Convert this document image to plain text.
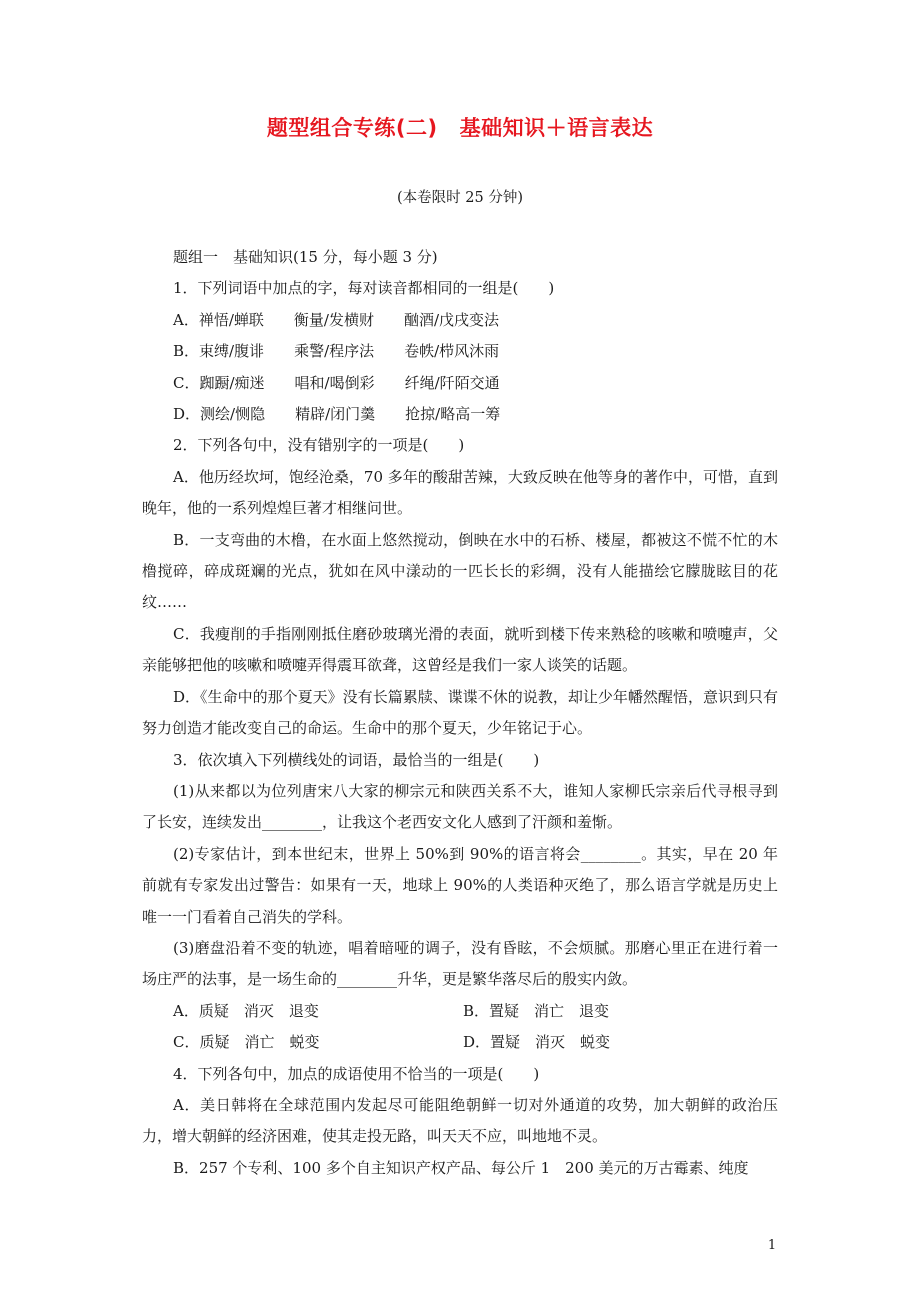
题型组合专练(二) 基础知识＋语言表达
(本卷限时 25 分钟)

题组一　基础知识(15 分，每小题 3 分)

1．下列词语中加点的字，每对读音都相同的一组是(　　)

A．禅悟/蝉联　　衡量/发横财　　酗酒/戊戌变法

B．束缚/腹诽　　乘警/程序法　　卷帙/栉风沐雨

C．踟蹰/痴迷　　唱和/喝倒彩　　纤绳/阡陌交通

D．测绘/恻隐　　精辟/闭门羹　　抢掠/略高一筹

2．下列各句中，没有错别字的一项是(　　)

A．他历经坎坷，饱经沧桑，70 多年的酸甜苦辣，大致反映在他等身的著作中，可惜，直到晚年，他的一系列煌煌巨著才相继问世。

B．一支弯曲的木橹，在水面上悠然搅动，倒映在水中的石桥、楼屋，都被这不慌不忙的木橹搅碎，碎成斑斓的光点，犹如在风中漾动的一匹长长的彩绸，没有人能描绘它朦胧眩目的花纹……

C．我瘦削的手指刚刚抵住磨砂玻璃光滑的表面，就听到楼下传来熟稔的咳嗽和喷嚏声，父亲能够把他的咳嗽和喷嚏弄得震耳欲聋，这曾经是我们一家人谈笑的话题。

D．《生命中的那个夏天》没有长篇累牍、谍谍不休的说教，却让少年幡然醒悟，意识到只有努力创造才能改变自己的命运。生命中的那个夏天，少年铭记于心。

3．依次填入下列横线处的词语，最恰当的一组是(　　)

(1)从来都以为位列唐宋八大家的柳宗元和陕西关系不大，谁知人家柳氏宗亲后代寻根寻到了长安，连续发出________，让我这个老西安文化人感到了汗颜和羞惭。

(2)专家估计，到本世纪末，世界上 50%到 90%的语言将会________。其实，早在 20 年前就有专家发出过警告：如果有一天，地球上 90%的人类语种灭绝了，那么语言学就是历史上唯一一门看着自己消失的学科。

(3)磨盘沿着不变的轨迹，唱着暗哑的调子，没有昏眩，不会烦腻。那磨心里正在进行着一场庄严的法事，是一场生命的________升华，更是繁华落尽后的殷实内敛。

A．质疑　消灭　退变	B．置疑　消亡　退变
C．质疑　消亡　蜕变	D．置疑　消灭　蜕变

4．下列各句中，加点的成语使用不恰当的一项是(　　)

A．美日韩将在全球范围内发起尽可能阻绝朝鲜一切对外通道的攻势，加大朝鲜的政治压力，增大朝鲜的经济困难，使其走投无路，叫天天不应，叫地地不灵。

B．257 个专利、100 多个自主知识产权产品、每公斤 1　200 美元的万古霉素、纯度

1
